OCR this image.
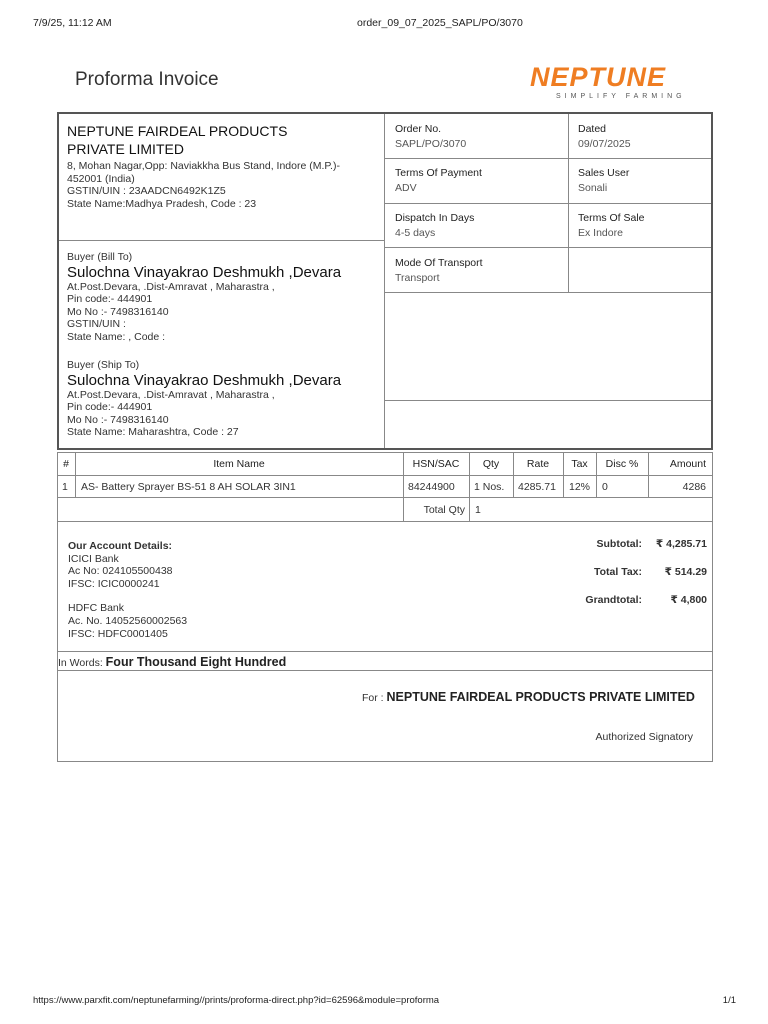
7/9/25, 11:12 AM	order_09_07_2025_SAPL/PO/3070
Proforma Invoice	NEPTUNE
SIMPLIFY FARMING
NEPTUNE FAIRDEAL PRODUCTS
PRIVATE LIMITED
8, Mohan Nagar,Opp: Naviakkha Bus Stand, Indore (M.P.)-
452001 (India)
GSTIN/UIN : 23AADCN6492K1Z5
State Name:Madhya Pradesh, Code : 23
Buyer (Bill To)
Sulochna Vinayakrao Deshmukh ,Devara
At.Post.Devara, .Dist-Amravat , Maharastra ,
Pin code:- 444901
Mo No :- 7498316140
GSTIN/UIN :
State Name: , Code :
Buyer (Ship To)
Sulochna Vinayakrao Deshmukh ,Devara
At.Post.Devara, .Dist-Amravat , Maharastra ,
Pin code:- 444901
Mo No :- 7498316140
State Name: Maharashtra, Code : 27
Order No.
SAPL/PO/3070
Dated
09/07/2025
Terms Of Payment
ADV
Sales User
Sonali
Dispatch In Days
4-5 days
Terms Of Sale
Ex Indore
Mode Of Transport
Transport
#	Item Name	HSN/SAC	Qty	Rate	Tax	Disc %	Amount
1 AS- Battery Sprayer BS-51 8 AH SOLAR 3IN1	84244900 1 Nos. 4285.71 12% 0	4286
Total Qty 1
Our Account Details:
ICICI Bank
Ac No: 024105500438
IFSC: ICIC0000241
HDFC Bank
Ac. No. 14052560002563
IFSC: HDFC0001405
Subtotal:	₹ 4,285.71
Total Tax:	₹ 514.29
Grandtotal:	₹ 4,800
In Words: Four Thousand Eight Hundred
For : NEPTUNE FAIRDEAL PRODUCTS PRIVATE LIMITED
Authorized Signatory
https://www.parxfit.com/neptunefarming//prints/proforma-direct.php?id=62596&module=proforma	1/1
